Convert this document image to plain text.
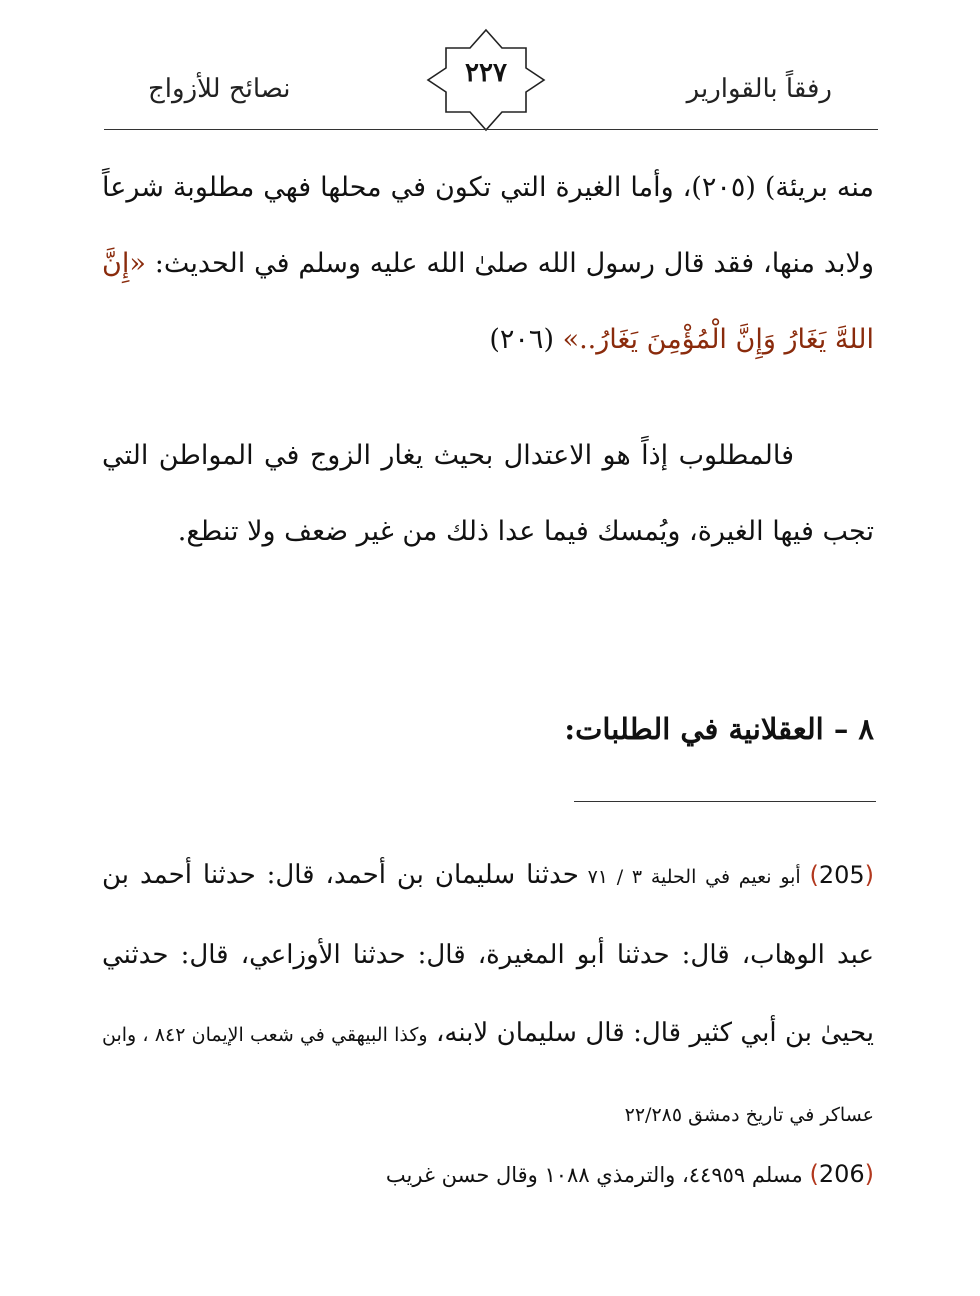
رفقاً بالقوارير
٢٢٧
نصائح للأزواج
منه بريئة) (٢٠٥)، وأما الغيرة التي تكون في محلها فهي مطلوبة شرعاً ولابد منها، فقد قال رسول الله صلىٰ الله عليه وسلم في الحديث: «إِنَّ اللهَّ يَغَارُ وَإِنَّ الْمُؤْمِنَ يَغَارُ..» (٢٠٦)
فالمطلوب إذاً هو الاعتدال بحيث يغار الزوج في المواطن التي تجب فيها الغيرة، ويُمسك فيما عدا ذلك من غير ضعف ولا تنطع.
٨ – العقلانية في الطلبات:
(205) أبو نعيم في الحلية ٣ / ٧١ حدثنا سليمان بن أحمد، قال: حدثنا أحمد بن عبد الوهاب، قال: حدثنا أبو المغيرة، قال: حدثنا الأوزاعي، قال: حدثني يحيىٰ بن أبي كثير قال: قال سليمان لابنه، وكذا البيهقي في شعب الإيمان ٨٤٢ ، وابن عساكر في تاريخ دمشق ٢٢/٢٨٥
(206) مسلم ٤٤٩٥٩، والترمذي ١٠٨٨ وقال حسن غريب
